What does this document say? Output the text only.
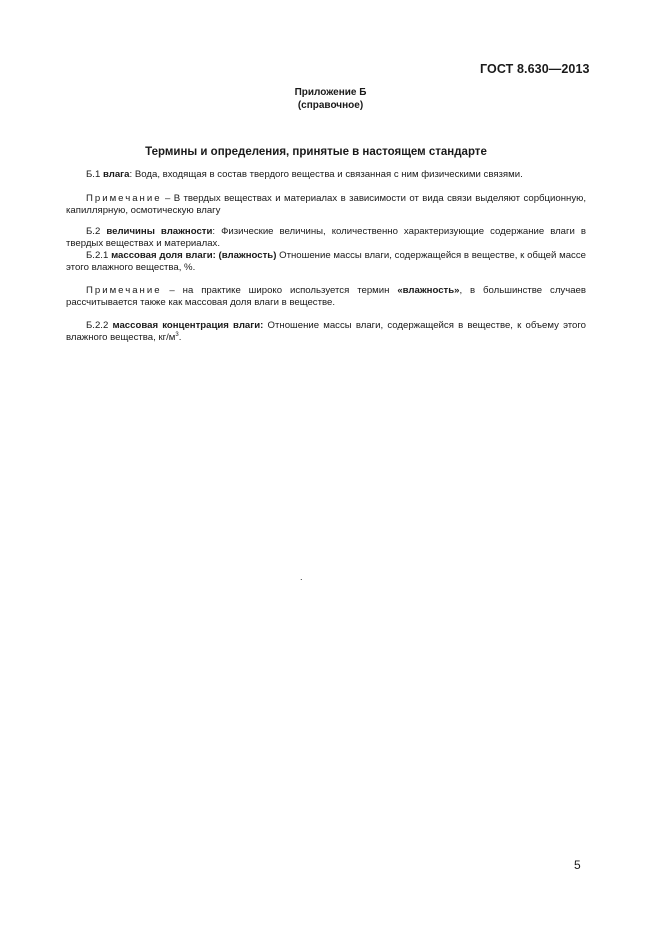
ГОСТ 8.630—2013
Приложение Б
(справочное)
Термины и определения, принятые в настоящем стандарте
Б.1 влага: Вода, входящая в состав твердого вещества и связанная с ним физическими связями.
Примечание – В твердых веществах и материалах в зависимости от вида связи выделяют сорбционную, капиллярную, осмотическую влагу
Б.2 величины влажности: Физические величины, количественно характеризующие содержание влаги в твердых веществах и материалах.
Б.2.1 массовая доля влаги: (влажность) Отношение массы влаги, содержащейся в веществе, к общей массе этого влажного вещества, %.
Примечание – на практике широко используется термин «влажность», в большинстве случаев рассчитывается также как массовая доля влаги в веществе.
Б.2.2 массовая концентрация влаги: Отношение массы влаги, содержащейся в веществе, к объему этого влажного вещества, $кг/м^3$.
.
5
